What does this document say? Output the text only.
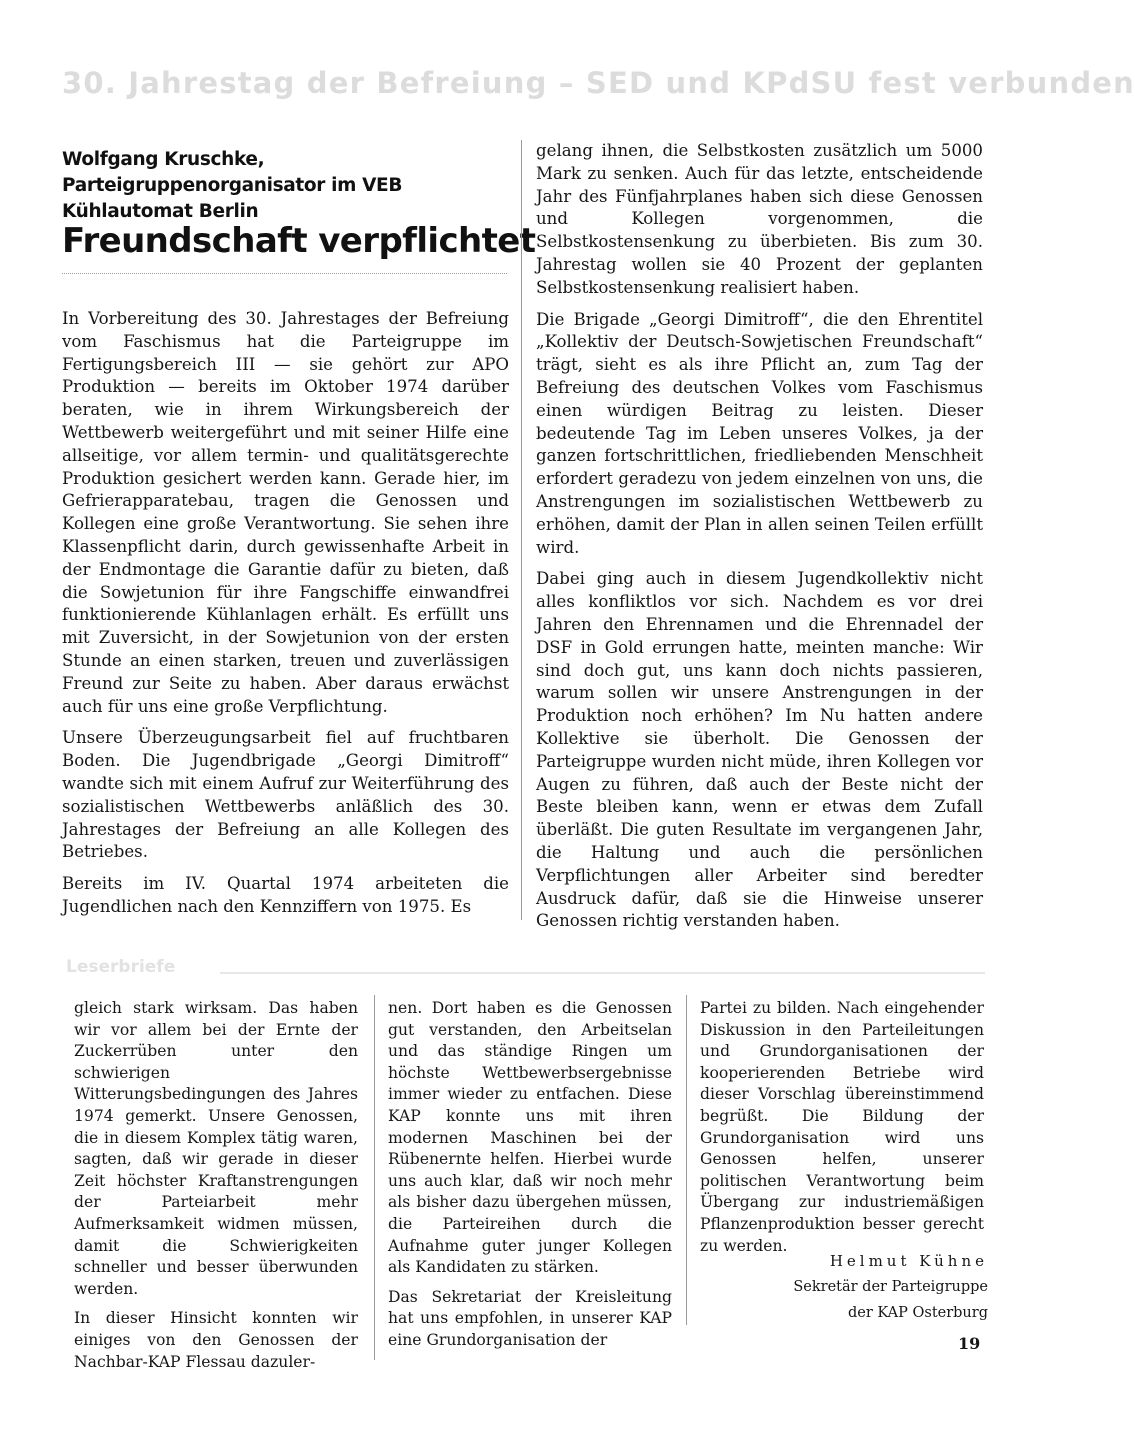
30. Jahrestag der Befreiung – SED und KPdSU fest verbunden
Wolfgang Kruschke, Parteigruppenorganisator im VEB Kühlautomat Berlin
Freundschaft verpflichtet

In Vorbereitung des 30. Jahrestages der Befreiung vom Faschismus hat die Parteigruppe im Fertigungsbereich III — sie gehört zur APO Produktion — bereits im Oktober 1974 darüber beraten, wie in ihrem Wirkungsbereich der Wettbewerb weitergeführt und mit seiner Hilfe eine allseitige, vor allem termin- und qualitätsgerechte Produktion gesichert werden kann. Gerade hier, im Gefrierapparatebau, tragen die Genossen und Kollegen eine große Verantwortung. Sie sehen ihre Klassenpflicht darin, durch gewissenhafte Arbeit in der Endmontage die Garantie dafür zu bieten, daß die Sowjetunion für ihre Fangschiffe einwandfrei funktionierende Kühlanlagen erhält. Es erfüllt uns mit Zuversicht, in der Sowjetunion von der ersten Stunde an einen starken, treuen und zuverlässigen Freund zur Seite zu haben. Aber daraus erwächst auch für uns eine große Verpflichtung.

Unsere Überzeugungsarbeit fiel auf fruchtbaren Boden. Die Jugendbrigade „Georgi Dimitroff“ wandte sich mit einem Aufruf zur Weiterführung des sozialistischen Wettbewerbs anläßlich des 30. Jahrestages der Befreiung an alle Kollegen des Betriebes.

Bereits im IV. Quartal 1974 arbeiteten die Jugendlichen nach den Kennziffern von 1975. Es

gelang ihnen, die Selbstkosten zusätzlich um 5000 Mark zu senken. Auch für das letzte, entscheidende Jahr des Fünfjahrplanes haben sich diese Genossen und Kollegen vorgenommen, die Selbstkostensenkung zu überbieten. Bis zum 30. Jahrestag wollen sie 40 Prozent der geplanten Selbstkostensenkung realisiert haben.

Die Brigade „Georgi Dimitroff“, die den Ehrentitel „Kollektiv der Deutsch-Sowjetischen Freundschaft“ trägt, sieht es als ihre Pflicht an, zum Tag der Befreiung des deutschen Volkes vom Faschismus einen würdigen Beitrag zu leisten. Dieser bedeutende Tag im Leben unseres Volkes, ja der ganzen fortschrittlichen, friedliebenden Menschheit erfordert geradezu von jedem einzelnen von uns, die Anstrengungen im sozialistischen Wettbewerb zu erhöhen, damit der Plan in allen seinen Teilen erfüllt wird.

Dabei ging auch in diesem Jugendkollektiv nicht alles konfliktlos vor sich. Nachdem es vor drei Jahren den Ehrennamen und die Ehrennadel der DSF in Gold errungen hatte, meinten manche: Wir sind doch gut, uns kann doch nichts passieren, warum sollen wir unsere Anstrengungen in der Produktion noch erhöhen? Im Nu hatten andere Kollektive sie überholt. Die Genossen der Parteigruppe wurden nicht müde, ihren Kollegen vor Augen zu führen, daß auch der Beste nicht der Beste bleiben kann, wenn er etwas dem Zufall überläßt. Die guten Resultate im vergangenen Jahr, die Haltung und auch die persönlichen Verpflichtungen aller Arbeiter sind beredter Ausdruck dafür, daß sie die Hinweise unserer Genossen richtig verstanden haben.

Leserbriefe

gleich stark wirksam. Das haben wir vor allem bei der Ernte der Zuckerrüben unter den schwierigen Witterungsbedingungen des Jahres 1974 gemerkt. Unsere Genossen, die in diesem Komplex tätig waren, sagten, daß wir gerade in dieser Zeit höchster Kraftanstrengungen der Parteiarbeit mehr Aufmerksamkeit widmen müssen, damit die Schwierigkeiten schneller und besser überwunden werden.

In dieser Hinsicht konnten wir einiges von den Genossen der Nachbar-KAP Flessau dazuler-

nen. Dort haben es die Genossen gut verstanden, den Arbeitselan und das ständige Ringen um höchste Wettbewerbsergebnisse immer wieder zu entfachen. Diese KAP konnte uns mit ihren modernen Maschinen bei der Rübenernte helfen. Hierbei wurde uns auch klar, daß wir noch mehr als bisher dazu übergehen müssen, die Parteireihen durch die Aufnahme guter junger Kollegen als Kandidaten zu stärken.

Das Sekretariat der Kreisleitung hat uns empfohlen, in unserer KAP eine Grundorganisation der

Partei zu bilden. Nach eingehender Diskussion in den Parteileitungen und Grundorganisationen der kooperierenden Betriebe wird dieser Vorschlag übereinstimmend begrüßt. Die Bildung der Grundorganisation wird uns Genossen helfen, unserer politischen Verantwortung beim Übergang zur industriemäßigen Pflanzenproduktion besser gerecht zu werden.

Helmut Kühne
Sekretär der Parteigruppe
der KAP Osterburg
19
